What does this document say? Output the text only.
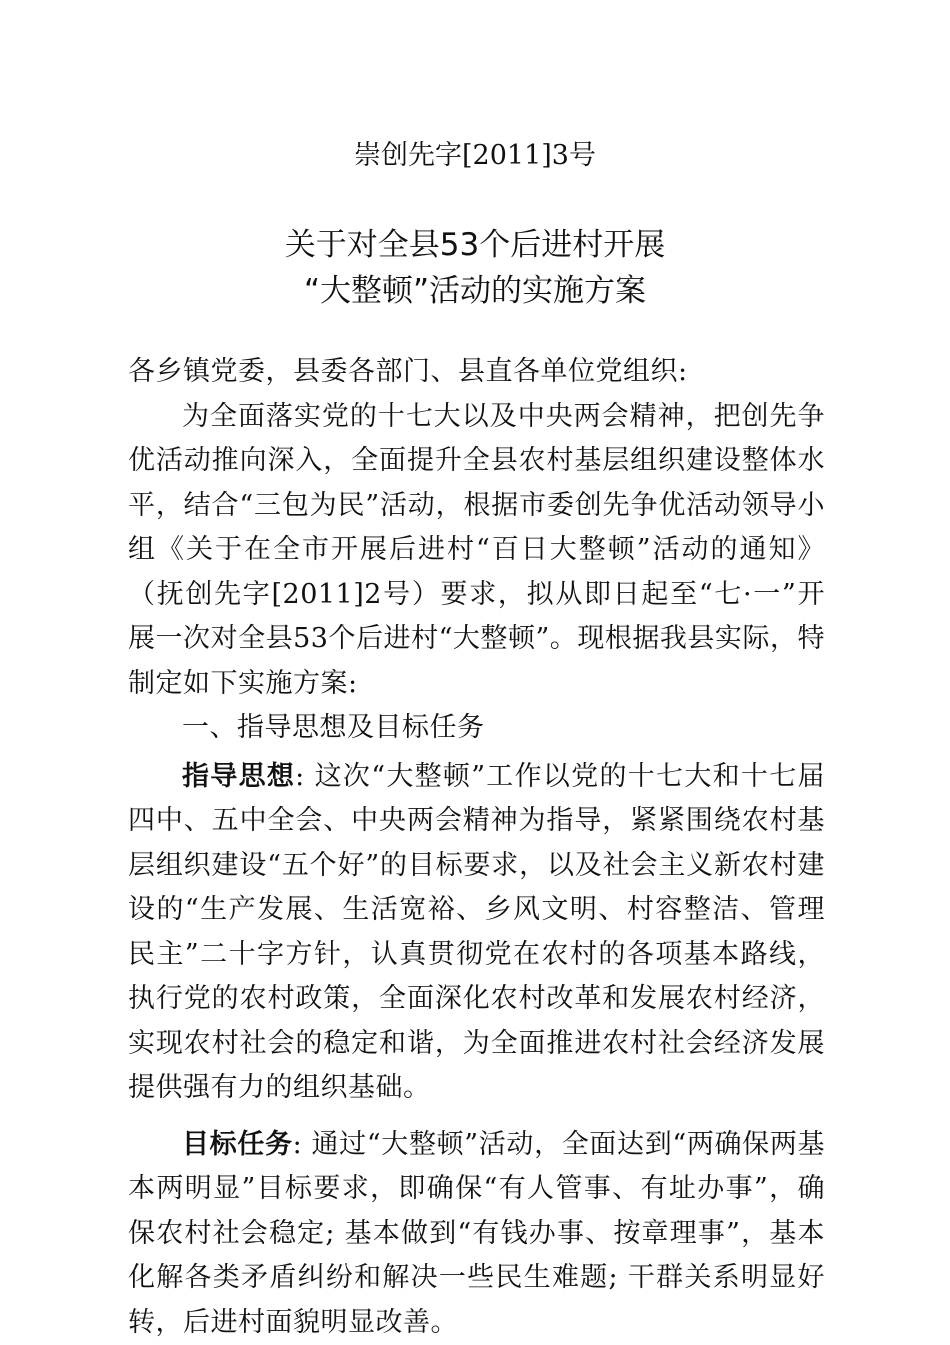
崇创先字[2011]3号
关于对全县53个后进村开展
“大整顿”活动的实施方案

各乡镇党委，县委各部门、县直各单位党组织:

为全面落实党的十七大以及中央两会精神，把创先争优活动推向深入，全面提升全县农村基层组织建设整体水平，结合“三包为民”活动，根据市委创先争优活动领导小组《关于在全市开展后进村“百日大整顿”活动的通知》（抚创先字[2011]2号）要求，拟从即日起至“七·一”开展一次对全县53个后进村“大整顿”。现根据我县实际，特制定如下实施方案:

一、指导思想及目标任务

指导思想: 这次“大整顿”工作以党的十七大和十七届四中、五中全会、中央两会精神为指导，紧紧围绕农村基层组织建设“五个好”的目标要求，以及社会主义新农村建设的“生产发展、生活宽裕、乡风文明、村容整洁、管理民主”二十字方针，认真贯彻党在农村的各项基本路线，执行党的农村政策，全面深化农村改革和发展农村经济，实现农村社会的稳定和谐，为全面推进农村社会经济发展提供强有力的组织基础。

目标任务: 通过“大整顿”活动，全面达到“两确保两基本两明显”目标要求，即确保“有人管事、有址办事”，确保农村社会稳定; 基本做到“有钱办事、按章理事”，基本化解各类矛盾纠纷和解决一些民生难题; 干群关系明显好转，后进村面貌明显改善。
